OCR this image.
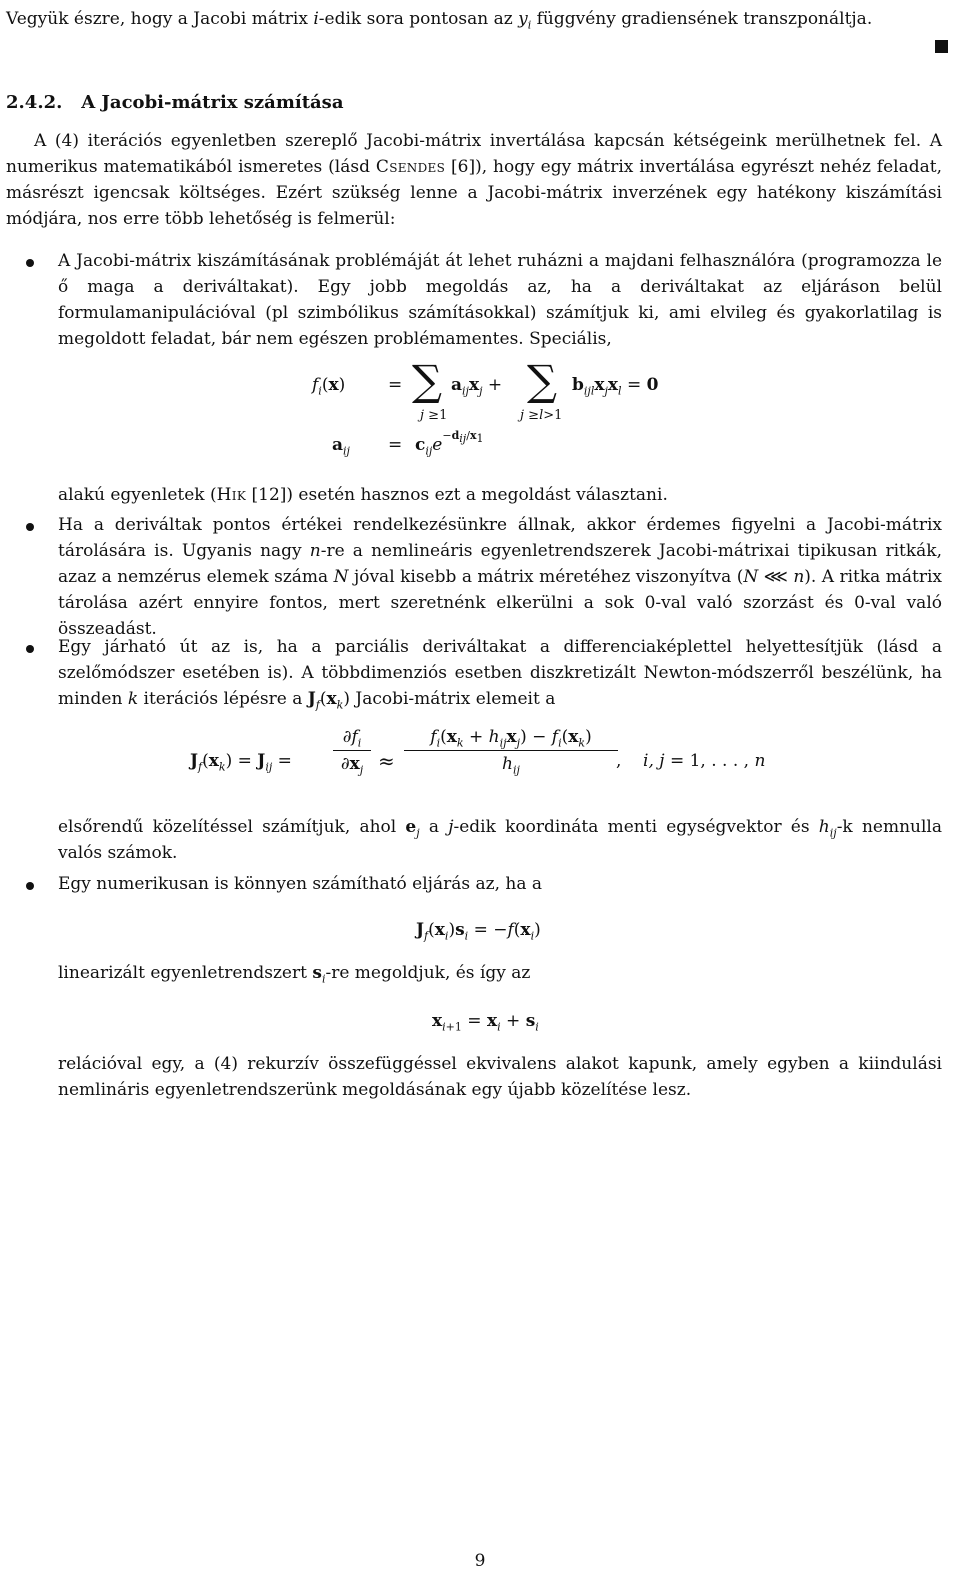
Vegyük észre, hogy a Jacobi mátrix i-edik sora pontosan az $y_i$ függvény gradiensének transzponáltja.

2.4.2. A Jacobi-mátrix számítása

A (4) iterációs egyenletben szereplő Jacobi-mátrix invertálása kapcsán kétségeink merülhetnek fel. A numerikus matematikából ismeretes (lásd Csendes [6]), hogy egy mátrix invertálása egyrészt nehéz feladat, másrészt igencsak költséges. Ezért szükség lenne a Jacobi-mátrix inverzének egy hatékony kiszámítási módjára, nos erre több lehetőség is felmerül:

A Jacobi-mátrix kiszámításának problémáját át lehet ruházni a majdani felhasználóra (programozza le ő maga a deriváltakat). Egy jobb megoldás az, ha a deriváltakat az eljáráson belül formulamanipulációval (pl szimbólikus számításokkal) számítjuk ki, ami elvileg és gyakorlatilag is megoldott feladat, bár nem egészen problémamentes. Speciális,

$f_i(x)$	= ∑
j ≥1
$a_{ij}x_j$ + ∑
j ≥l>1
$b_{ijl}x_jx_l = 0$
$a_{ij} = c_{ij}e^{-d_{ij}/x_1}$

alakú egyenletek (Hik [12]) esetén hasznos ezt a megoldást választani.

Ha a deriváltak pontos értékei rendelkezésünkre állnak, akkor érdemes figyelni a Jacobi-mátrix tárolására is. Ugyanis nagy n-re a nemlineáris egyenletrendszerek Jacobi-mátrixai tipikusan ritkák, azaz a nemzérus elemek száma N jóval kisebb a mátrix méretéhez viszonyítva (N ⋘ n). A ritka mátrix tárolása azért ennyire fontos, mert szeretnénk elkerülni a sok 0-val való szorzást és 0-val való összeadást.

Egy járható út az is, ha a parciális deriváltakat a differenciaképlettel helyettesítjük (lásd a szelőmódszer esetében is). A többdimenziós esetben diszkretizált Newton-módszerről beszélünk, ha minden k iterációs lépésre a $J_f(x_k)$ Jacobi-mátrix elemeit a

$J_f(x_k) = J_{ij} = \frac{\partial f_i}{\partial x_j}$ ≈
$f_i(x_k + h_{ij}x_j) - f_i(x_k)$
$h_{ij}$	,    i, j = 1, . . . , n

elsőrendű közelítéssel számítjuk, ahol $e_j$ a j-edik koordináta menti egységvektor és $h_{ij}-k$ nemnulla valós számok.

Egy numerikusan is könnyen számítható eljárás az, ha a

$J_f(x_i)s_i = -f(x_i)$

linearizált egyenletrendszert $s_i-re$ megoldjuk, és így az

$x_{i+1} = x_i + s_i$

relációval egy, a (4) rekurzív összefüggéssel ekvivalens alakot kapunk, amely egyben a kiindulási nemlináris egyenletrendszerünk megoldásának egy újabb közelítése lesz.

9
